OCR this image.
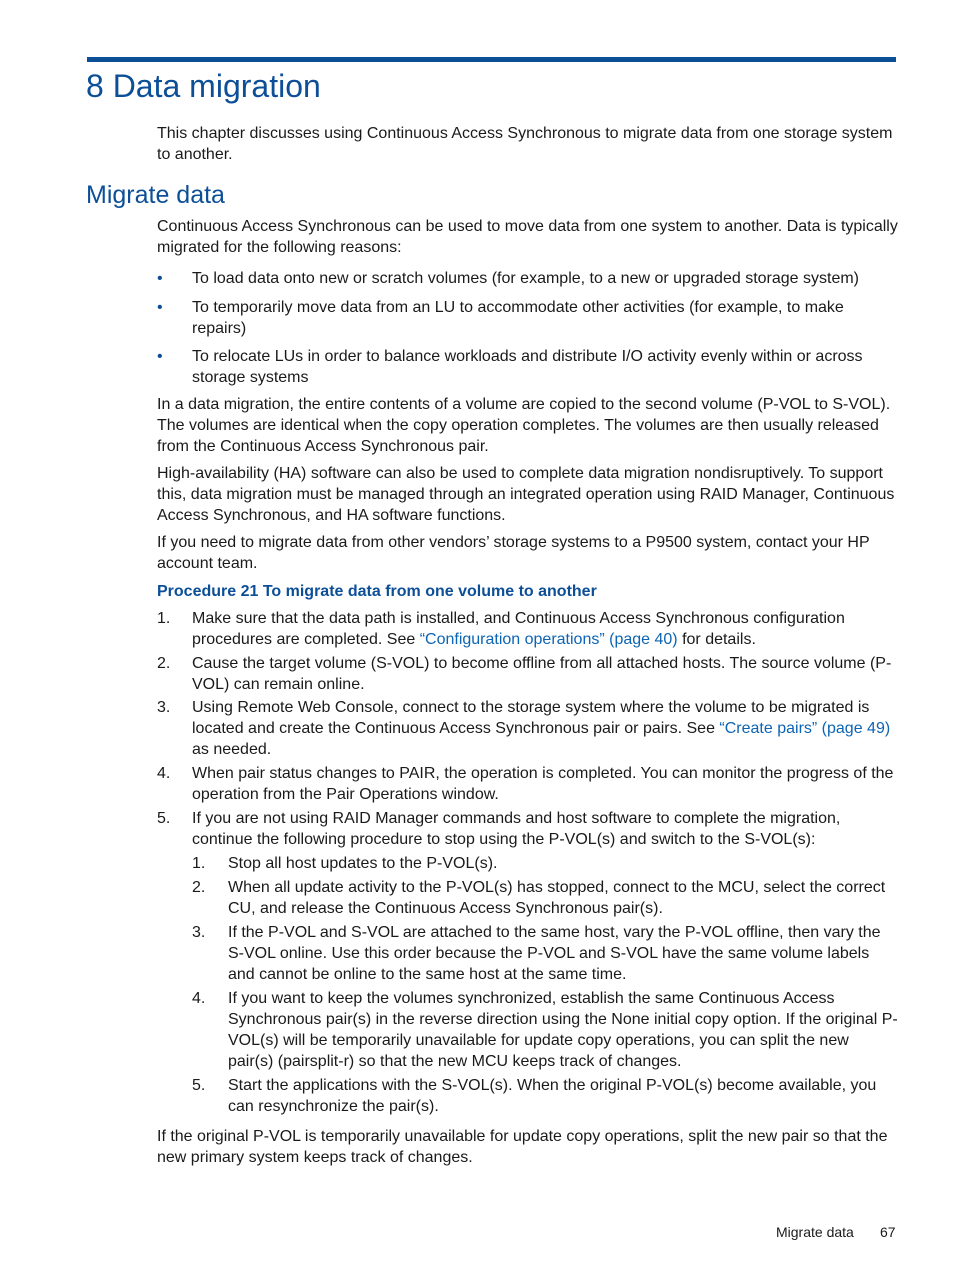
8 Data migration

This chapter discusses using Continuous Access Synchronous to migrate data from one storage system to another.

Migrate data

Continuous Access Synchronous can be used to move data from one system to another. Data is typically migrated for the following reasons:

• To load data onto new or scratch volumes (for example, to a new or upgraded storage system)
• To temporarily move data from an LU to accommodate other activities (for example, to make repairs)
• To relocate LUs in order to balance workloads and distribute I/O activity evenly within or across storage systems

In a data migration, the entire contents of a volume are copied to the second volume (P-VOL to S-VOL). The volumes are identical when the copy operation completes. The volumes are then usually released from the Continuous Access Synchronous pair.

High-availability (HA) software can also be used to complete data migration nondisruptively. To support this, data migration must be managed through an integrated operation using RAID Manager, Continuous Access Synchronous, and HA software functions.

If you need to migrate data from other vendors’ storage systems to a P9500 system, contact your HP account team.

Procedure 21 To migrate data from one volume to another

1. Make sure that the data path is installed, and Continuous Access Synchronous configuration procedures are completed. See “Configuration operations” (page 40) for details.
2. Cause the target volume (S-VOL) to become offline from all attached hosts. The source volume (P-VOL) can remain online.
3. Using Remote Web Console, connect to the storage system where the volume to be migrated is located and create the Continuous Access Synchronous pair or pairs. See “Create pairs” (page 49) as needed.
4. When pair status changes to PAIR, the operation is completed. You can monitor the progress of the operation from the Pair Operations window.
5. If you are not using RAID Manager commands and host software to complete the migration, continue the following procedure to stop using the P-VOL(s) and switch to the S-VOL(s):
1. Stop all host updates to the P-VOL(s).
2. When all update activity to the P-VOL(s) has stopped, connect to the MCU, select the correct CU, and release the Continuous Access Synchronous pair(s).
3. If the P-VOL and S-VOL are attached to the same host, vary the P-VOL offline, then vary the S-VOL online. Use this order because the P-VOL and S-VOL have the same volume labels and cannot be online to the same host at the same time.
4. If you want to keep the volumes synchronized, establish the same Continuous Access Synchronous pair(s) in the reverse direction using the None initial copy option. If the original P-VOL(s) will be temporarily unavailable for update copy operations, you can split the new pair(s) (pairsplit-r) so that the new MCU keeps track of changes.
5. Start the applications with the S-VOL(s). When the original P-VOL(s) become available, you can resynchronize the pair(s).

If the original P-VOL is temporarily unavailable for update copy operations, split the new pair so that the new primary system keeps track of changes.

Migrate data 67
